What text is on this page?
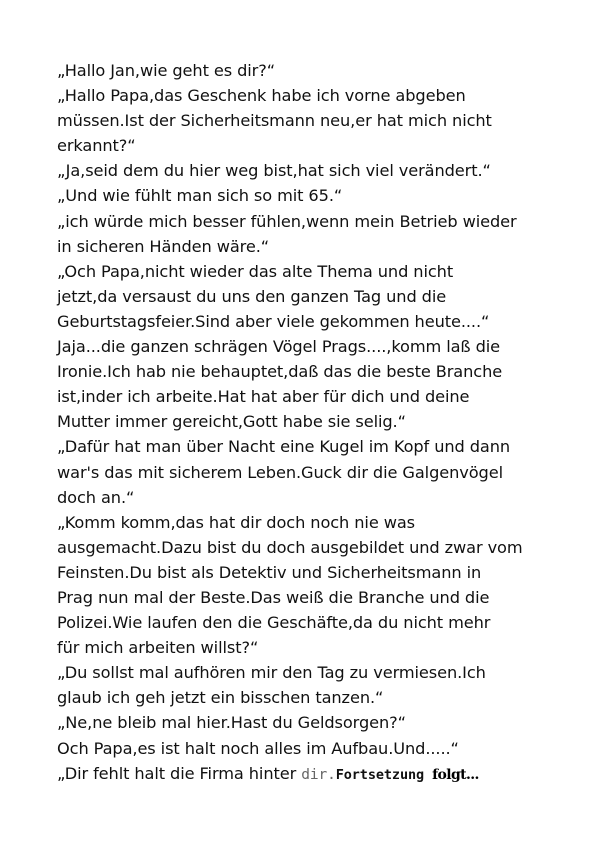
„Hallo Jan,wie geht es dir?“
„Hallo Papa,das Geschenk habe ich vorne abgeben
müssen.Ist der Sicherheitsmann neu,er hat mich nicht
erkannt?“
„Ja,seid dem du hier weg bist,hat sich viel verändert.“
„Und wie fühlt man sich so mit 65.“
„ich würde mich besser fühlen,wenn mein Betrieb wieder
in sicheren Händen wäre.“
„Och Papa,nicht wieder das alte Thema und nicht
jetzt,da versaust du uns den ganzen Tag und die
Geburtstagsfeier.Sind aber viele gekommen heute....“
Jaja...die ganzen schrägen Vögel Prags....,komm laß die
Ironie.Ich hab nie behauptet,daß das die beste Branche
ist,inder ich arbeite.Hat hat aber für dich und deine
Mutter immer gereicht,Gott habe sie selig.“
„Dafür hat man über Nacht eine Kugel im Kopf und dann
war's das mit sicherem Leben.Guck dir die Galgenvögel
doch an.“
„Komm komm,das hat dir doch noch nie was
ausgemacht.Dazu bist du doch ausgebildet und zwar vom
Feinsten.Du bist als Detektiv und Sicherheitsmann in
Prag nun mal der Beste.Das weiß die Branche und die
Polizei.Wie laufen den die Geschäfte,da du nicht mehr
für mich arbeiten willst?“
„Du sollst mal aufhören mir den Tag zu vermiesen.Ich
glaub ich geh jetzt ein bisschen tanzen.“
„Ne,ne bleib mal hier.Hast du Geldsorgen?“
Och Papa,es ist halt noch alles im Aufbau.Und.....“
„Dir fehlt halt die Firma hinter dir.Fortsetzung folgt...
